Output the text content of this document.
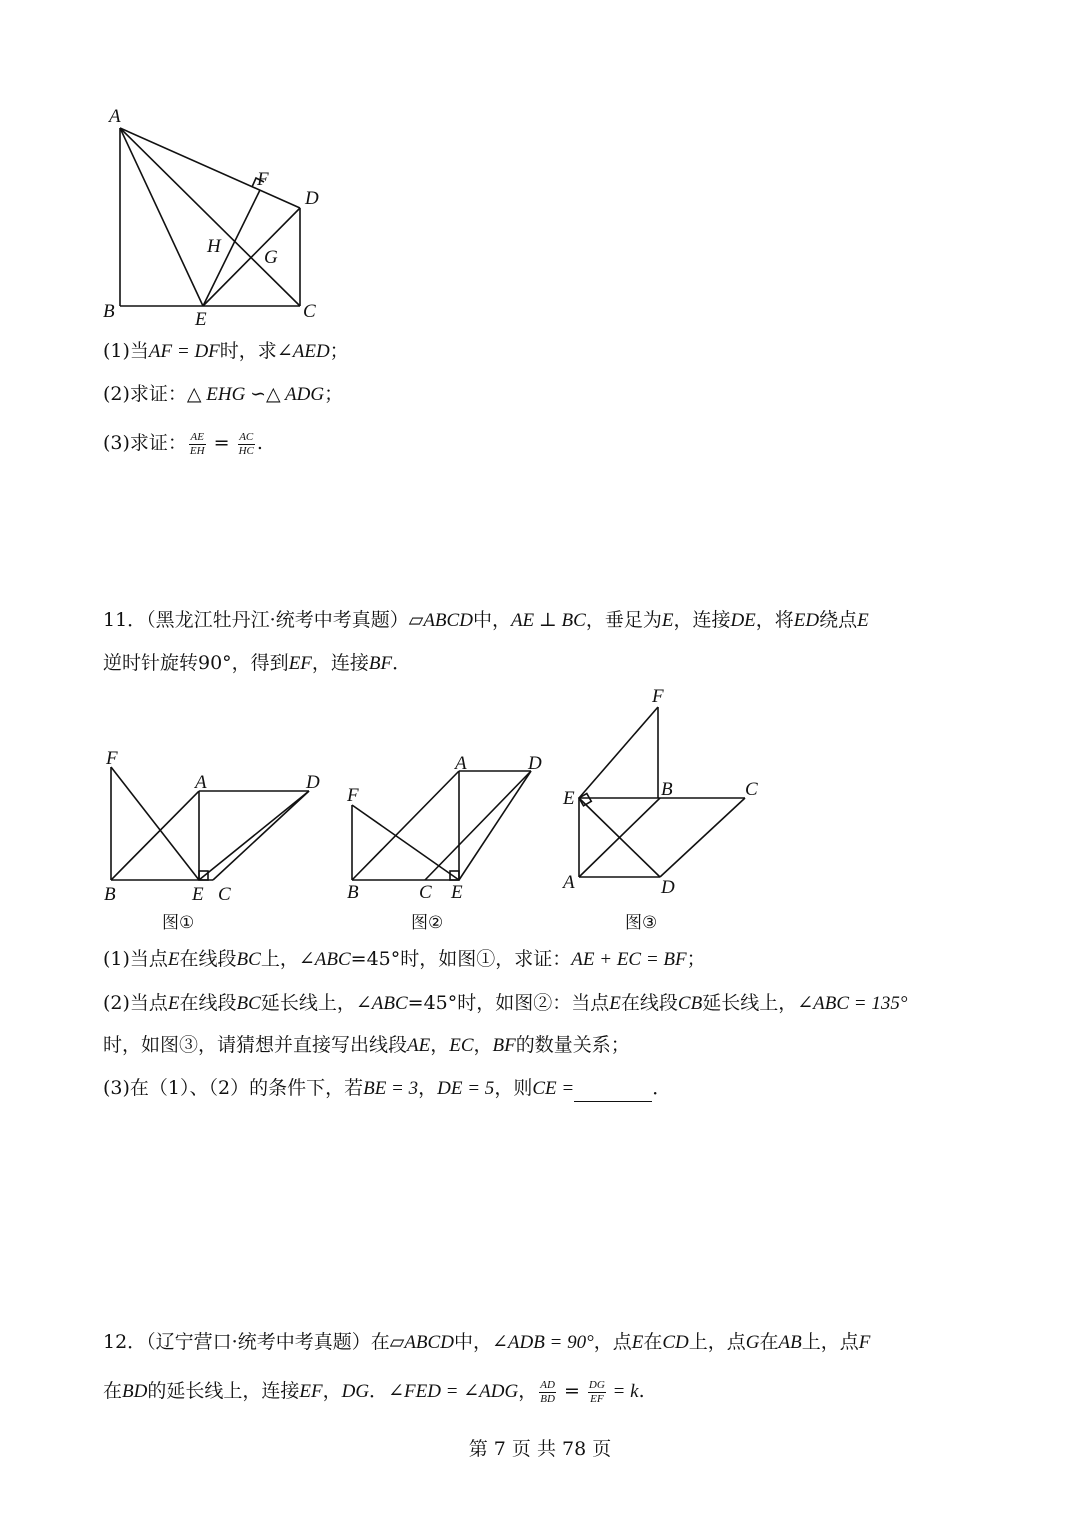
A
F
D
H
G
B	E	C
(1)当AF = DF时，求∠AED；
(2)求证：△ EHG ∽△ ADG；
(3)求证： $\frac{AE}{EH} = \frac{AC}{HC}$ .
11．（黑龙江牡丹江·统考中考真题）▱ABCD中，AE ⊥ BC，垂足为E，连接DE，将ED绕点E
逆时针旋转90°，得到EF，连接BF．
F
A	D
B	E C
F
A	D
B	C E
F
E	B	C
A	D
图①	图②	图③
(1)当点E在线段BC上，∠ABC=45°时，如图①，求证：AE + EC = BF；
(2)当点E在线段BC延长线上，∠ABC=45°时，如图②：当点E在线段CB延长线上，∠ABC = 135°
时，如图③，请猜想并直接写出线段AE，EC，BF的数量关系；
(3)在（1）、（2）的条件下，若BE = 3，DE = 5，则CE =	．
12．（辽宁营口·统考中考真题）在▱ABCD中，∠ADB = 90°，点E在CD上，点G在AB上，点F
在BD的延长线上，连接EF，DG．∠FED = ∠ADG， $\frac{AD}{BD} = \frac{DG}{EF} = k$.
第 7 页 共 78 页
